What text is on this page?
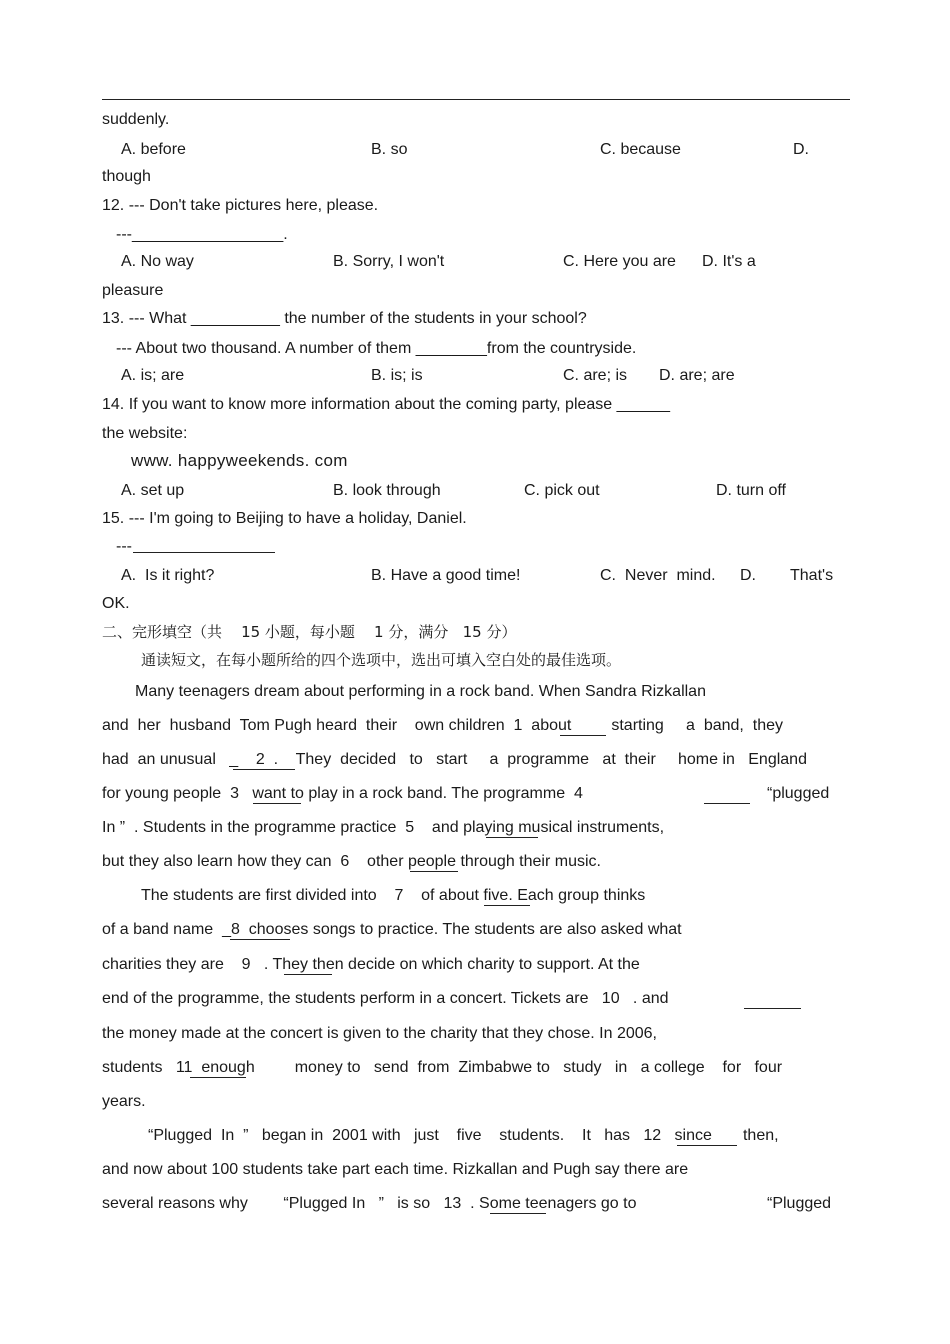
suddenly.
A. before	B. so	C. because	D.
though
12. --- Don't take pictures here, please.
---_________________.
A. No way	B. Sorry, I won't	C. Here you are D. It's a
pleasure
13. --- What __________ the number of the students in your school?
--- About two thousand. A number of them ________from the countryside.
A. is; are	B. is; is	C. are; is D. are; are
14. If you want to know more information about the coming party, please ______
the website:
www. happyweekends. com
A. set up	B. look through	C. pick out	D. turn off
15. --- I'm going to Beijing to have a holiday, Daniel.
---
A.  Is it right?	B. Have a good time!	C.  Never  mind. D. That's
OK.
二、完形填空（共    15 小题，每小题    1 分，满分   15 分）
通读短文，在每小题所给的四个选项中，选出可填入空白处的最佳选项。
Many teenagers dream about performing in a rock band. When Sandra Rizkallan
and  her  husband  Tom Pugh heard  their    own children  1  about         starting     a  band,  they
had  an unusual   _    2  .    They  decided   to   start     a  programme   at  their     home in   England
for young people  3   want to play in a rock band. The programme  4	“plugged
In ”  . Students in the programme practice  5    and playing musical instruments,
but they also learn how they can  6    other people through their music.
The students are first divided into    7    of about five. Each group thinks
of a band name  _8  chooses songs to practice. The students are also asked what
charities they are    9   . They then decide on which charity to support. At the
end of the programme, the students perform in a concert. Tickets are   10   . and
the money made at the concert is given to the charity that they chose. In 2006,
students   11  enough         money to   send  from  Zimbabwe to   study   in   a college    for   four
years.
“Plugged  In  ”   began in  2001 with   just    five    students.    It   has   12   since       then,
and now about 100 students take part each time. Rizkallan and Pugh say there are
several reasons why        “Plugged In   ”   is so   13  . Some teenagers go to	“Plugged
